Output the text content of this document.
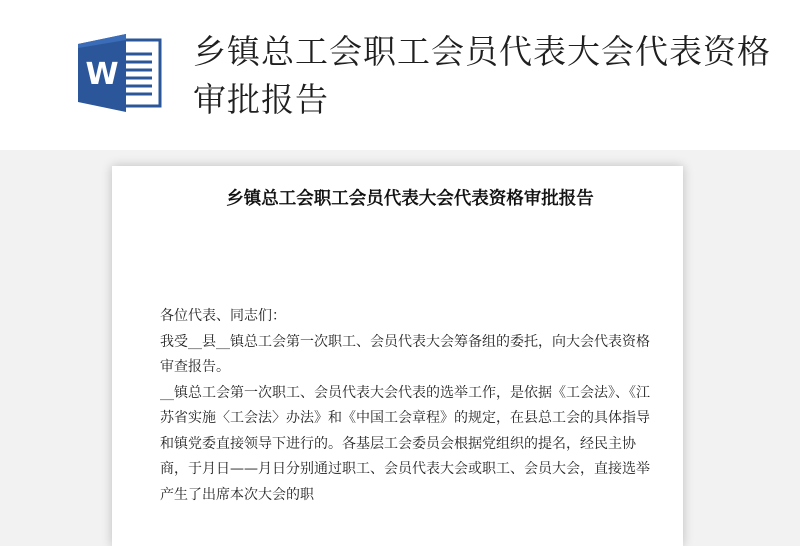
W
乡镇总工会职工会员代表大会代表资格审批报告
乡镇总工会职工会员代表大会代表资格审批报告

各位代表、同志们：

我受__县__镇总工会第一次职工、会员代表大会筹备组的委托，向大会代表资格审查报告。

__镇总工会第一次职工、会员代表大会代表的选举工作，是依据《工会法》、《江苏省实施〈工会法〉办法》和《中国工会章程》的规定，在县总工会的具体指导和镇党委直接领导下进行的。各基层工会委员会根据党组织的提名，经民主协商，于月日——月日分别通过职工、会员代表大会或职工、会员大会，直接选举产生了出席本次大会的职
